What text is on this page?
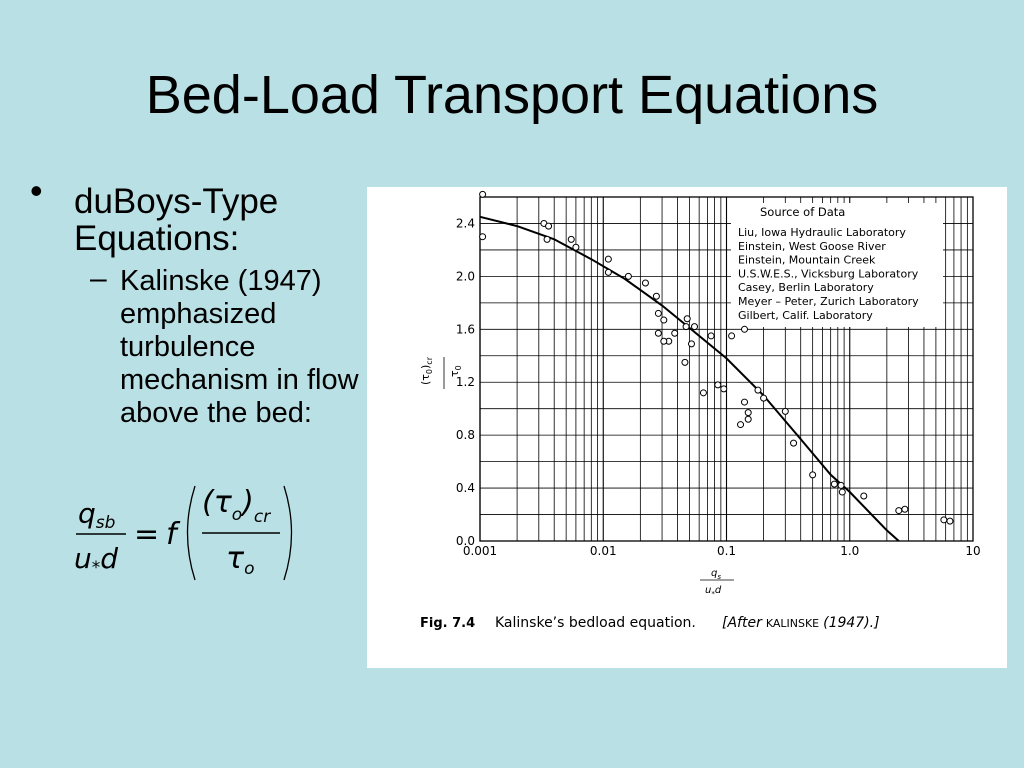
Bed-Load Transport Equations
• duBoys-Type Equations:
– Kalinske (1947) emphasized turbulence mechanism in flow above the bed:
qsb
u*d
= f
$(\tau_o)_{cr}$
$\tau_o$
0.0
0.4
0.8
1.2
1.6
2.0
2.4
0.001	0.01	0.1	1.0	10
Source of Data
Liu, Iowa Hydraulic Laboratory
Einstein, West Goose River
Einstein, Mountain Creek
U.S.W.E.S., Vicksburg Laboratory
Casey, Berlin Laboratory
Meyer – Peter, Zurich Laboratory
Gilbert, Calif. Laboratory
$(\tau_0)_{cr}$
$\tau_0$
$q_s$
$u_*d$
Fig. 7.4 Kalinske’s bedload equation. [After KALINSKE (1947).]
